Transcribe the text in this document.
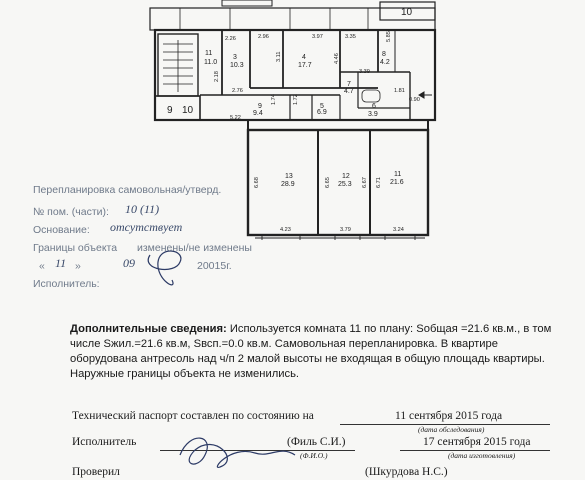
11
11.0
3
10.3
4
17.7
8
4.2
7
4.7
6
3.9
5
6.9
9
9.4
13
28.9
12
25.3
11
21.6
2.26	2.96	3.97	3.35	5.85
3.11	4.46
2.18
2.76
3.39
1.81
1.74	1.72
5.22
6.68	6.65	6.67 6.71
4.23	3.79	3.24
0.90
10
9 10
Перепланировка самовольная/утверд.
№ пом. (части): 10 (11)
Основание: отсутствует
Границы объекта изменены/не изменены
« 11 »	09	20015г.
Исполнитель:
Дополнительные сведения: Используется комната 11 по плану: Sобщая =21.6 кв.м., в том числе Sжил.=21.6 кв.м, Sвсп.=0.0 кв.м. Самовольная перепланировка. В квартире оборудована антресоль над ч/п 2 малой высоты не входящая в общую площадь квартиры. Наружные границы объекта не изменились.
Технический паспорт составлен по состоянию на	11 сентября 2015 года
(дата обследования)
Исполнитель	(Филь С.И.)
(Ф.И.О.)
17 сентября 2015 года
(дата изготовления)
Проверил	(Шкурдова Н.С.)
